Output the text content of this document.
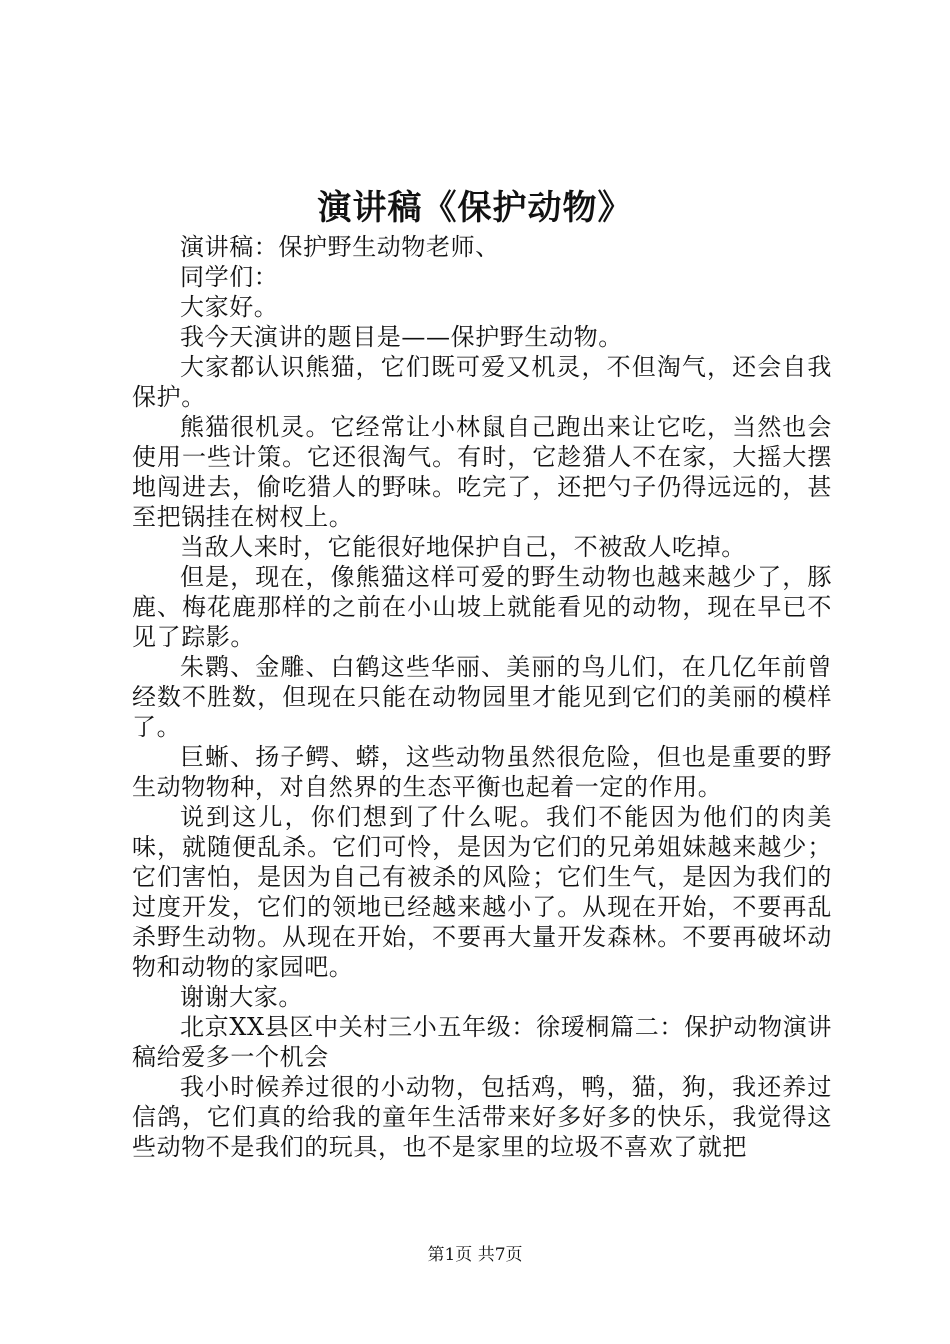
演讲稿《保护动物》

演讲稿：保护野生动物老师、

同学们：

大家好。

我今天演讲的题目是——保护野生动物。

大家都认识熊猫，它们既可爱又机灵，不但淘气，还会自我保护。

熊猫很机灵。它经常让小林鼠自己跑出来让它吃，当然也会使用一些计策。它还很淘气。有时，它趁猎人不在家，大摇大摆地闯进去，偷吃猎人的野味。吃完了，还把勺子仍得远远的，甚至把锅挂在树杈上。

当敌人来时，它能很好地保护自己，不被敌人吃掉。

但是，现在，像熊猫这样可爱的野生动物也越来越少了，豚鹿、梅花鹿那样的之前在小山坡上就能看见的动物，现在早已不见了踪影。

朱鹮、金雕、白鹤这些华丽、美丽的鸟儿们，在几亿年前曾经数不胜数，但现在只能在动物园里才能见到它们的美丽的模样了。

巨蜥、扬子鳄、蟒，这些动物虽然很危险，但也是重要的野生动物物种，对自然界的生态平衡也起着一定的作用。

说到这儿，你们想到了什么呢。我们不能因为他们的肉美味，就随便乱杀。它们可怜，是因为它们的兄弟姐妹越来越少；它们害怕，是因为自己有被杀的风险；它们生气，是因为我们的过度开发，它们的领地已经越来越小了。从现在开始，不要再乱杀野生动物。从现在开始，不要再大量开发森林。不要再破坏动物和动物的家园吧。

谢谢大家。

北京XX县区中关村三小五年级：徐瑷桐篇二：保护动物演讲稿给爱多一个机会

我小时候养过很的小动物，包括鸡，鸭，猫，狗，我还养过信鸽，它们真的给我的童年生活带来好多好多的快乐，我觉得这些动物不是我们的玩具，也不是家里的垃圾不喜欢了就把

第1页 共7页
